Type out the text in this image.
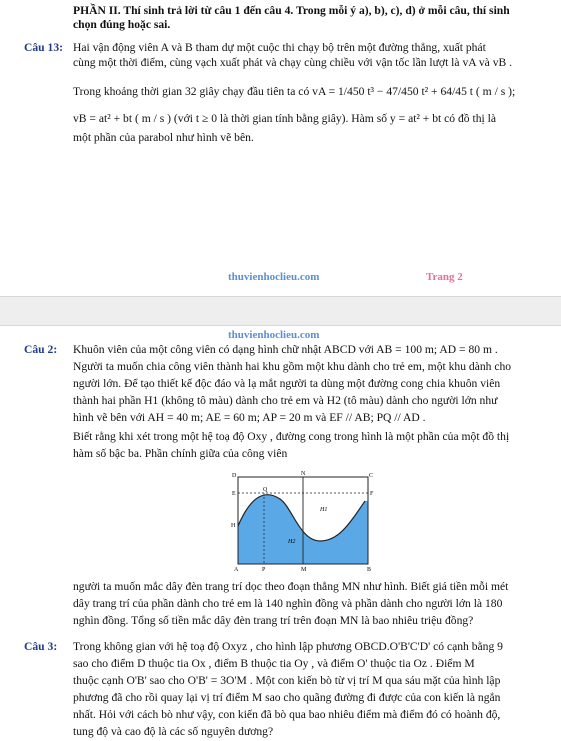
PHẦN II. Thí sinh trả lời từ câu 1 đến câu 4. Trong mỗi ý a), b), c), d) ở mỗi câu, thí sinh
chọn đúng hoặc sai.
Câu 13: Hai vận động viên A và B tham dự một cuộc thi chạy bộ trên một đường thẳng, xuất phát
cùng một thời điểm, cùng vạch xuất phát và chạy cùng chiều với vận tốc lần lượt là vA và vB .
Trong khoảng thời gian 32 giây chạy đầu tiên ta có vA = 1/450 t³ − 47/450 t² + 64/45 t ( m / s );
vB = at² + bt ( m / s ) (với t ≥ 0 là thời gian tính bằng giây). Hàm số y = at² + bt có đồ thị là
một phần của parabol như hình vẽ bên.
thuvienhoclieu.com	Trang 2
thuvienhoclieu.com
Câu 2: Khuôn viên của một công viên có dạng hình chữ nhật ABCD với AB = 100 m; AD = 80 m .
Người ta muốn chia công viên thành hai khu gồm một khu dành cho trẻ em, một khu dành cho
người lớn. Để tạo thiết kế độc đáo và lạ mắt người ta dùng một đường cong chia khuôn viên
thành hai phần H1 (không tô màu) dành cho trẻ em và H2 (tô màu) dành cho người lớn như
hình vẽ bên với AH = 40 m; AE = 60 m; AP = 20 m và EF // AB; PQ // AD .
Biết rằng khi xét trong một hệ toạ độ Oxy , đường cong trong hình là một phần của một đồ thị
hàm số bậc ba. Phần chính giữa của công viên
D	N	C
E
Q
F
H
H1
H2
A	P	M	B
người ta muốn mắc dây đèn trang trí dọc theo đoạn thẳng MN như hình. Biết giá tiền mỗi mét
dây trang trí của phần dành cho trẻ em là 140 nghìn đồng và phần dành cho người lớn là 180
nghìn đồng. Tổng số tiền mắc dây đèn trang trí trên đoạn MN là bao nhiêu triệu đồng?
Câu 3: Trong không gian với hệ toạ độ Oxyz , cho hình lập phương OBCD.O'B'C'D' có cạnh bằng 9
sao cho điểm D thuộc tia Ox , điểm B thuộc tia Oy , và điểm O' thuộc tia Oz . Điểm M
thuộc cạnh O'B' sao cho O'B' = 3O'M . Một con kiến bò từ vị trí M qua sáu mặt của hình lập
phương đã cho rồi quay lại vị trí điểm M sao cho quãng đường đi được của con kiến là ngắn
nhất. Hỏi với cách bò như vậy, con kiến đã bò qua bao nhiêu điểm mà điểm đó có hoành độ,
tung độ và cao độ là các số nguyên dương?
